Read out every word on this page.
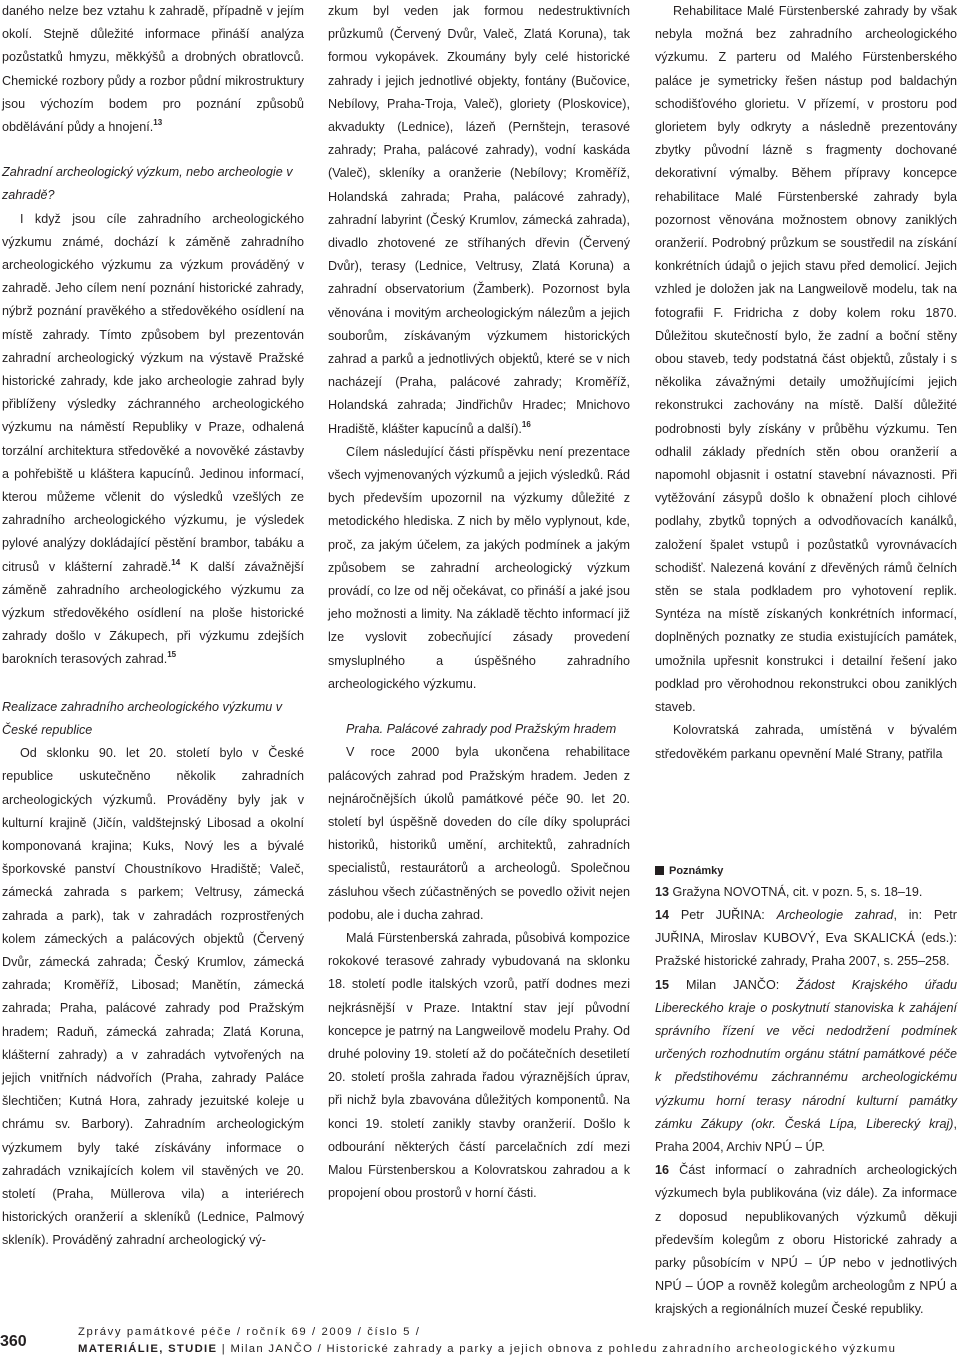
daného nelze bez vztahu k zahradě, případně v jejím okolí. Stejně důležité informace přináší analýza pozůstatků hmyzu, měkkýšů a drobných obratlovců. Chemické rozbory půdy a rozbor půdní mikrostruktury jsou výchozím bodem pro poznání způsobů obdělávání půdy a hnojení.$^{13}$

Zahradní archeologický výzkum, nebo archeologie v zahradě?

I když jsou cíle zahradního archeologického výzkumu známé, dochází k záměně zahradního archeologického výzkumu za výzkum prováděný v zahradě. Jeho cílem není poznání historické zahrady, nýbrž poznání pravěkého a středověkého osídlení na místě zahrady. Tímto způsobem byl prezentován zahradní archeologický výzkum na výstavě Pražské historické zahrady, kde jako archeologie zahrad byly přiblíženy výsledky záchranného archeologického výzkumu na náměstí Republiky v Praze, odhalená torzální architektura středověké a novověké zástavby a pohřebiště u kláštera kapucínů. Jedinou informací, kterou můžeme včlenit do výsledků vzešlých ze zahradního archeologického výzkumu, je výsledek pylové analýzy dokládající pěstění brambor, tabáku a citrusů v klášterní zahradě.$^{14}$ K další závažnější záměně zahradního archeologického výzkumu za výzkum středověkého osídlení na ploše historické zahrady došlo v Zákupech, při výzkumu zdejších barokních terasových zahrad.$^{15}$

Realizace zahradního archeologického výzkumu v České republice

Od sklonku 90. let 20. století bylo v České republice uskutečněno několik zahradních archeologických výzkumů. Prováděny byly jak v kulturní krajině (Jičín, valdštejnský Libosad a okolní komponovaná krajina; Kuks, Nový les a bývalé šporkovské panství Choustníkovo Hradiště; Valeč, zámecká zahrada s parkem; Veltrusy, zámecká zahrada a park), tak v zahradách rozprostřených kolem zámeckých a palácových objektů (Červený Dvůr, zámecká zahrada; Český Krumlov, zámecká zahrada; Kroměříž, Libosad; Manětín, zámecká zahrada; Praha, palácové zahrady pod Pražským hradem; Raduň, zámecká zahrada; Zlatá Koruna, klášterní zahrady) a v zahradách vytvořených na jejich vnitřních nádvořích (Praha, zahrady Paláce šlechtičen; Kutná Hora, zahrady jezuitské koleje u chrámu sv. Barbory). Zahradním archeologickým výzkumem byly také získávány informace o zahradách vznikajících kolem vil stavěných ve 20. století (Praha, Müllerova vila) a interiérech historických oranžerií a skleníků (Lednice, Palmový skleník). Prováděný zahradní archeologický vý-

zkum byl veden jak formou nedestruktivních průzkumů (Červený Dvůr, Valeč, Zlatá Koruna), tak formou vykopávek. Zkoumány byly celé historické zahrady i jejich jednotlivé objekty, fontány (Bučovice, Nebílovy, Praha-Troja, Valeč), gloriety (Ploskovice), akvadukty (Lednice), lázeň (Pernštejn, terasové zahrady; Praha, palácové zahrady), vodní kaskáda (Valeč), skleníky a oranžerie (Nebílovy; Kroměříž, Holandská zahrada; Praha, palácové zahrady), zahradní labyrint (Český Krumlov, zámecká zahrada), divadlo zhotovené ze stříhaných dřevin (Červený Dvůr), terasy (Lednice, Veltrusy, Zlatá Koruna) a zahradní observatorium (Žamberk). Pozornost byla věnována i movitým archeologickým nálezům a jejich souborům, získávaným výzkumem historických zahrad a parků a jednotlivých objektů, které se v nich nacházejí (Praha, palácové zahrady; Kroměříž, Holandská zahrada; Jindřichův Hradec; Mnichovo Hradiště, klášter kapucínů a další).$^{16}$

Cílem následující části příspěvku není prezentace všech vyjmenovaných výzkumů a jejich výsledků. Rád bych především upozornil na výzkumy důležité z metodického hlediska. Z nich by mělo vyplynout, kde, proč, za jakým účelem, za jakých podmínek a jakým způsobem se zahradní archeologický výzkum provádí, co lze od něj očekávat, co přináší a jaké jsou jeho možnosti a limity. Na základě těchto informací již lze vyslovit zobecňující zásady provedení smysluplného a úspěšného zahradního archeologického výzkumu.

Praha. Palácové zahrady pod Pražským hradem

V roce 2000 byla ukončena rehabilitace palácových zahrad pod Pražským hradem. Jeden z nejnáročnějších úkolů památkové péče 90. let 20. století byl úspěšně doveden do cíle díky spolupráci historiků, historiků umění, architektů, zahradních specialistů, restaurátorů a archeologů. Společnou zásluhou všech zúčastněných se povedlo oživit nejen podobu, ale i ducha zahrad.

Malá Fürstenberská zahrada, působivá kompozice rokokové terasové zahrady vybudovaná na sklonku 18. století podle italských vzorů, patří dodnes mezi nejkrásnější v Praze. Intaktní stav její původní koncepce je patrný na Langweilově modelu Prahy. Od druhé poloviny 19. století až do počátečních desetiletí 20. století prošla zahrada řadou výrazněјších úprav, při nichž byla zbavována důležitých komponentů. Na konci 19. století zanikly stavby oranžerií. Došlo k odbourání některých částí parcelačních zdí mezi Malou Fürstenberskou a Kolovratskou zahradou a k propojení obou prostorů v horní části.

Rehabilitace Malé Fürstenberské zahrady by však nebyla možná bez zahradního archeologického výzkumu. Z parteru od Malého Fürstenberského paláce je symetricky řešen nástup pod baldachýn schodišťového glorietu. V přízemí, v prostoru pod glorietem byly odkryty a následně prezentovány zbytky původní lázně s fragmenty dochované dekorativní výmalby. Během přípravy koncepce rehabilitace Malé Fürstenberské zahrady byla pozornost věnována možnostem obnovy zaniklých oranžerií. Podrobný průzkum se soustředil na získání konkrétních údajů o jejich stavu před demolicí. Jejich vzhled je doložen jak na Langweilově modelu, tak na fotografii F. Fridricha z doby kolem roku 1870. Důležitou skutečností bylo, že zadní a boční stěny obou staveb, tedy podstatná část objektů, zůstaly i s několika závažnými detaily umožňujícími jejich rekonstrukci zachovány na místě. Další důležité podrobnosti byly získány v průběhu výzkumu. Ten odhalil základy předních stěn obou oranžerií a napomohl objasnit i ostatní stavební návaznosti. Při vytěžování zásypů došlo k obnažení ploch cihlové podlahy, zbytků topných a odvodňovacích kanálků, založení špalet vstupů i pozůstatků vyrovnávacích schodišť. Nalezená kování z dřevěných rámů čelních stěn se stala podkladem pro vyhotovení replik. Syntéza na místě získaných konkrétních informací, doplněných poznatky ze studia existujících památek, umožnila upřesnit konstrukci i detailní řešení jako podklad pro věrohodnou rekonstrukci obou zaniklých staveb.

Kolovratská zahrada, umístěná v bývalém středověkém parkanu opevnění Malé Strany, patřila

Poznámky

13 Gražyna NOVOTNÁ, cit. v pozn. 5, s. 18–19.

14 Petr JUŘINA: Archeologie zahrad, in: Petr JUŘINA, Miroslav KUBOVÝ, Eva SKALICKÁ (eds.): Pražské historické zahrady, Praha 2007, s. 255–258.

15 Milan JANČO: Žádost Krajského úřadu Libereckého kraje o poskytnutí stanoviska k zahájení správního řízení ve věci nedodržení podmínek určených rozhodnutím orgánu státní památkové péče k předstihovému záchrannému archeologickému výzkumu horní terasy národní kulturní památky zámku Zákupy (okr. Česká Lípa, Liberecký kraj), Praha 2004, Archiv NPÚ – ÚP.

16 Část informací o zahradních archeologických výzkumech byla publikována (viz dále). Za informace z doposud nepublikovaných výzkumů děkuji především kolegům z oboru Historické zahrady a parky působícím v NPÚ – ÚP nebo v jednotlivých NPÚ – ÚOP a rovněž kolegům archeologům z NPÚ a krajských a regionálních muzeí České republiky.

360
Zprávy památkové péče / ročník 69 / 2009 / číslo 5 /
MATERIÁLIE, STUDIE | Milan JANČO / Historické zahrady a parky a jejich obnova z pohledu zahradního archeologického výzkumu
